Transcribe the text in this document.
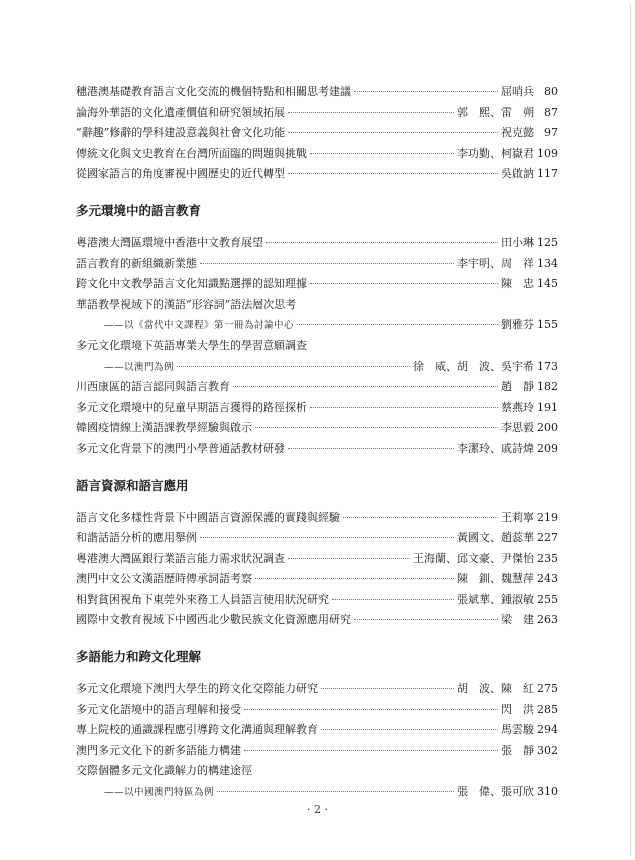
穗港澳基礎教育語言文化交流的機個特點和相關思考建議	屈哨兵 80
論海外華語的文化遺產價值和研究領域拓展	郭　熙、雷　朔 87
“辭趣”修辭的學科建設意義與社會文化功能	祝克懿 97
傳統文化與文史教育在台灣所面臨的問題與挑戰	李功勤、柯嶽君 109
從國家語言的角度審視中國歷史的近代轉型	吳啟訥 117
多元環境中的語言教育
粵港澳大灣區環境中香港中文教育展望	田小琳 125
語言教育的新組織新業態	李宇明、周　祥 134
跨文化中文教學語言文化知識點選擇的認知理據	陳　忠 145
華語教學視域下的漢語“形容詞”語法層次思考
——以《當代中文課程》第一冊為討論中心	劉雅芬 155
多元文化環境下英語專業大學生的學習意願調查
——以澳門為例	徐　威、胡　波、吳宇希 173
川西康區的語言認同與語言教育	趙　靜 182
多元文化環境中的兒童早期語言獲得的路徑探析	蔡燕玲 191
韓國疫情線上漢語課教學經驗與啟示	李思毅 200
多元文化背景下的澳門小學普通話教材研發	李潔玲、戚詩煒 209
語言資源和語言應用
語言文化多樣性背景下中國語言資源保護的實踐與經驗	王莉寧 219
和諧話語分析的應用舉例	黃國文、趙蕊華 227
粵港澳大灣區銀行業語言能力需求狀況調查	王海蘭、邱文豪、尹傑怡 235
澳門中文公文漢語歷時傳承詞語考察	陳　釧、魏慧萍 243
相對貧困視角下東莞外來務工人員語言使用狀況研究	張斌華、鍾淑敏 255
國際中文教育視域下中國西北少數民族文化資源應用研究	梁　建 263
多語能力和跨文化理解
多元文化環境下澳門大學生的跨文化交際能力研究	胡　波、陳　紅 275
多元文化語境中的語言理解和接受	閃　洪 285
專上院校的通識課程應引導跨文化溝通與理解教育	馬雲駿 294
澳門多元文化下的新多語能力構建	張　靜 302
交際個體多元文化識解力的構建途徑
——以中國澳門特區為例	張　偉、張可欣 310
· 2 ·
